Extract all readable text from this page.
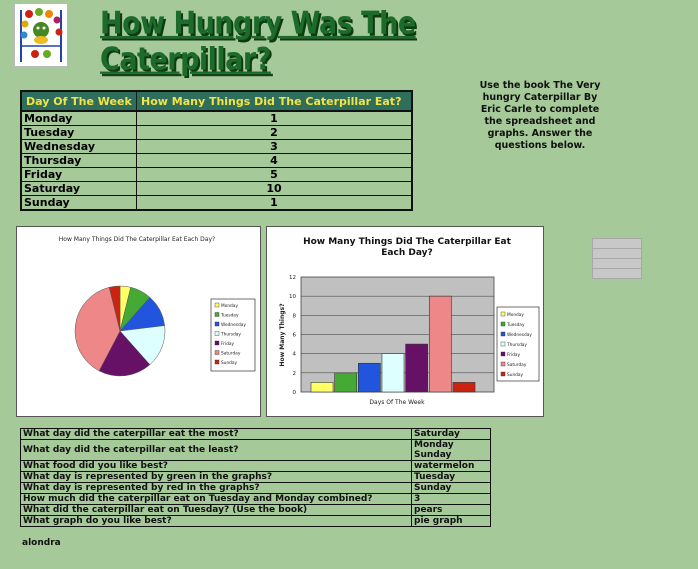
How Hungry Was The Caterpillar?
Use the book The Very hungry Caterpillar By Eric Carle to complete the spreadsheet and graphs. Answer the questions below.
Day Of The Week	How Many Things Did The Caterpillar Eat?
Monday	1
Tuesday	2
Wednesday	3
Thursday	4
Friday	5
Saturday	10
Sunday	1
How Many Things Did The Caterpillar Eat Each Day?
Monday
Tuesday
Wednesday
Thursday
Friday
Saturday
Sunday
How Many Things Did The Caterpillar Eat
Each Day?
0
2
4
6
8
10
12
Days Of The Week
How Many Things?	Monday
Tuesday
Wednesday
Thursday
Friday
Saturday
Sunday
What day did the caterpillar eat the most?	Saturday
What day did the caterpillar eat the least?	Monday Sunday
What food did you like best?	watermelon
What day is represented by green in the graphs?	Tuesday
What day is represented by red in the graphs?	Sunday
How much did the caterpillar eat on Tuesday and Monday combined?	3
What did the caterpillar eat on Tuesday? (Use the book)	pears
What graph do you like best?	pie graph
alondra
